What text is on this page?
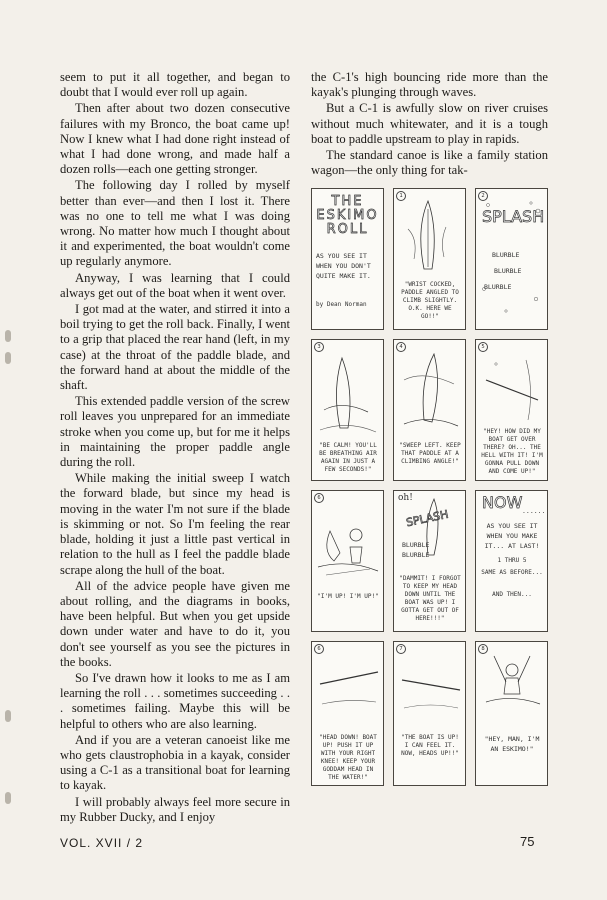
seem to put it all together, and began to doubt that I would ever roll up again.

Then after about two dozen consecutive failures with my Bronco, the boat came up! Now I knew what I had done right instead of what I had done wrong, and made half a dozen rolls—each one getting stronger.

The following day I rolled by myself better than ever—and then I lost it. There was no one to tell me what I was doing wrong. No matter how much I thought about it and experimented, the boat wouldn't come up regularly anymore.

Anyway, I was learning that I could always get out of the boat when it went over.

I got mad at the water, and stirred it into a boil trying to get the roll back. Finally, I went to a grip that placed the rear hand (left, in my case) at the throat of the paddle blade, and the forward hand at about the middle of the shaft.

This extended paddle version of the screw roll leaves you unprepared for an immediate stroke when you come up, but for me it helps in maintaining the proper paddle angle during the roll.

While making the initial sweep I watch the forward blade, but since my head is moving in the water I'm not sure if the blade is skimming or not. So I'm feeling the rear blade, holding it just a little past vertical in relation to the hull as I feel the paddle blade scrape along the hull of the boat.

All of the advice people have given me about rolling, and the diagrams in books, have been helpful. But when you get upside down under water and have to do it, you don't see yourself as you see the pictures in the books.

So I've drawn how it looks to me as I am learning the roll . . . sometimes succeeding . . . sometimes failing. Maybe this will be helpful to others who are also learning.

And if you are a veteran canoeist like me who gets claustrophobia in a kayak, consider using a C-1 as a transitional boat for learning to kayak.

I will probably always feel more secure in my Rubber Ducky, and I enjoy

the C-1's high bouncing ride more than the kayak's plunging through waves.

But a C-1 is awfully slow on river cruises without much whitewater, and it is a tough boat to paddle upstream to play in rapids.

The standard canoe is like a family station wagon—the only thing for tak-

THE
ESKIMO
ROLL
AS YOU SEE IT WHEN YOU DON'T QUITE MAKE IT.
by Dean Norman
1
"WRIST COCKED, PADDLE ANGLED TO CLIMB SLIGHTLY. O.K. HERE WE GO!!"
2
SPLASH
BLURBLE
BLURBLE
BLURBLE
3
"BE CALM! YOU'LL BE BREATHING AIR AGAIN IN JUST A FEW SECONDS!"
4
"SWEEP LEFT. KEEP THAT PADDLE AT A CLIMBING ANGLE!"
5
"HEY! HOW DID MY BOAT GET OVER THERE? OH... THE HELL WITH IT! I'M GONNA PULL DOWN AND COME UP!"
6
"I'M UP! I'M UP!"
oh!
SPLASH
BLURBLE
BLURBLE
"DAMMIT! I FORGOT TO KEEP MY HEAD DOWN UNTIL THE BOAT WAS UP! I GOTTA GET OUT OF HERE!!!"
NOW ......
AS YOU SEE IT WHEN YOU MAKE IT... AT LAST!
1 THRU 5
SAME AS BEFORE...
AND THEN...
6
"HEAD DOWN! BOAT UP! PUSH IT UP WITH YOUR RIGHT KNEE! KEEP YOUR GODDAM HEAD IN THE WATER!"
7
"THE BOAT IS UP! I CAN FEEL IT. NOW, HEADS UP!!"
8
"HEY, MAN, I'M AN ESKIMO!"
VOL. XVII / 2	75
